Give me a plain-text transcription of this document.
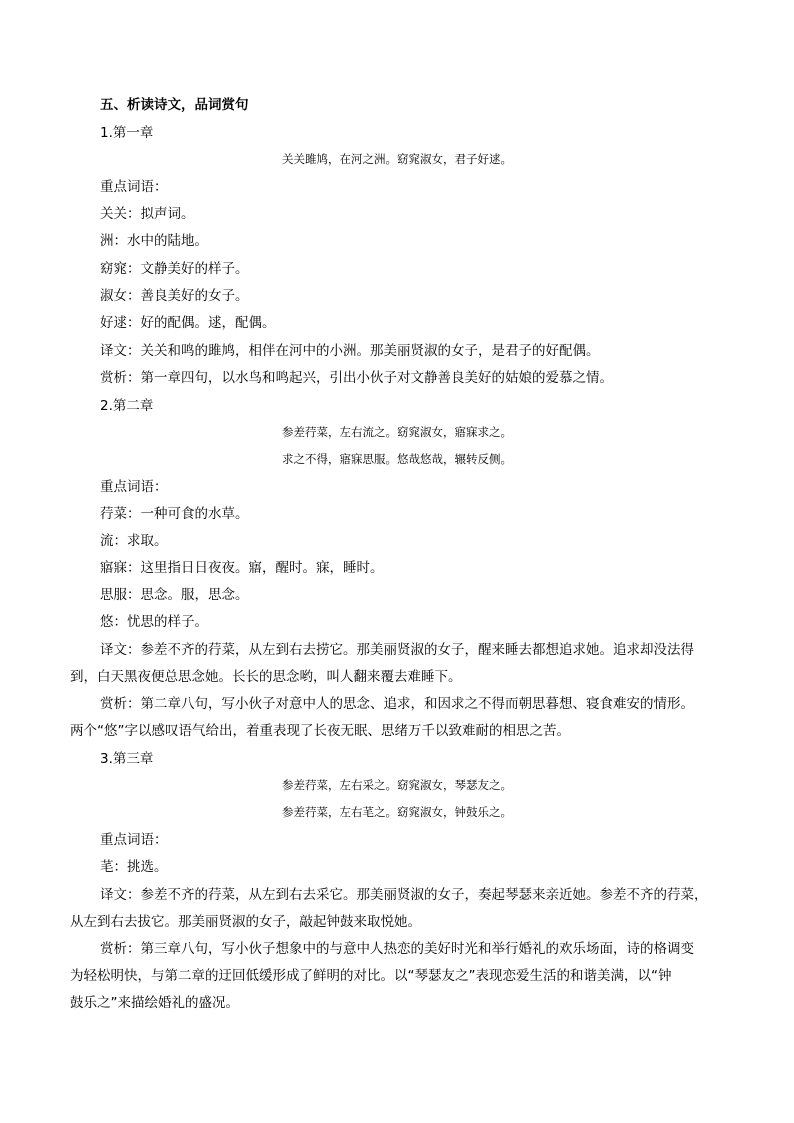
五、析读诗文，品词赏句
1.第一章
关关雎鸠，在河之洲。窈窕淑女，君子好逑。
重点词语：
关关：拟声词。
洲：水中的陆地。
窈窕：文静美好的样子。
淑女：善良美好的女子。
好逑：好的配偶。逑，配偶。
译文：关关和鸣的雎鸠，相伴在河中的小洲。那美丽贤淑的女子，是君子的好配偶。
赏析：第一章四句，以水鸟和鸣起兴，引出小伙子对文静善良美好的姑娘的爱慕之情。
2.第二章
参差荇菜，左右流之。窈窕淑女，寤寐求之。
求之不得，寤寐思服。悠哉悠哉，辗转反侧。
重点词语：
荇菜：一种可食的水草。
流：求取。
寤寐：这里指日日夜夜。寤，醒时。寐，睡时。
思服：思念。服，思念。
悠：忧思的样子。
译文：参差不齐的荇菜，从左到右去捞它。那美丽贤淑的女子，醒来睡去都想追求她。追求却没法得
到，白天黑夜便总思念她。长长的思念哟，叫人翻来覆去难睡下。
赏析：第二章八句，写小伙子对意中人的思念、追求，和因求之不得而朝思暮想、寝食难安的情形。
两个“悠”字以感叹语气给出，着重表现了长夜无眠、思绪万千以致难耐的相思之苦。
3.第三章
参差荇菜，左右采之。窈窕淑女，琴瑟友之。
参差荇菜，左右芼之。窈窕淑女，钟鼓乐之。
重点词语：
芼：挑选。
译文：参差不齐的荇菜，从左到右去采它。那美丽贤淑的女子，奏起琴瑟来亲近她。参差不齐的荇菜，
从左到右去拔它。那美丽贤淑的女子，敲起钟鼓来取悦她。
赏析：第三章八句，写小伙子想象中的与意中人热恋的美好时光和举行婚礼的欢乐场面，诗的格调变
为轻松明快，与第二章的迂回低缓形成了鲜明的对比。以“琴瑟友之”表现恋爱生活的和谐美满，以“钟
鼓乐之”来描绘婚礼的盛况。
